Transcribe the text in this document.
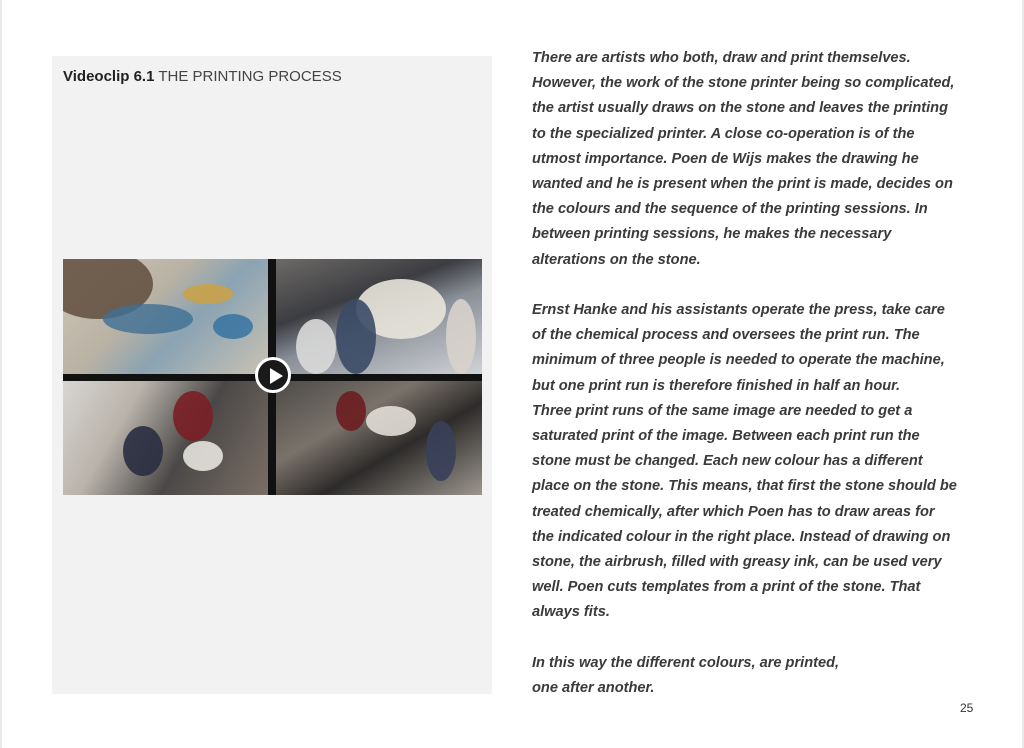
Videoclip 6.1 THE PRINTING PROCESS

There are artists who both, draw and print themselves.

However, the work of the stone printer being so complicated,

the artist usually draws on the stone and leaves the printing

to the specialized printer. A close co-operation is of the

utmost importance. Poen de Wijs makes the drawing he

wanted and he is present when the print is made, decides on

the colours and the sequence of the printing sessions. In

between printing sessions, he makes the necessary

alterations on the stone.

Ernst Hanke and his assistants operate the press, take care

of the chemical process and oversees the print run. The

minimum of three people is needed to operate the machine,

but one print run is therefore finished in half an hour.

Three print runs of the same image are needed to get a

saturated print of the image. Between each print run the

stone must be changed. Each new colour has a different

place on the stone. This means, that first the stone should be

treated chemically, after which Poen has to draw areas for

the indicated colour in the right place. Instead of drawing on

stone, the airbrush, filled with greasy ink, can be used very

well. Poen cuts templates from a print of the stone. That

always fits.

In this way the different colours, are printed,

one after another.

25
